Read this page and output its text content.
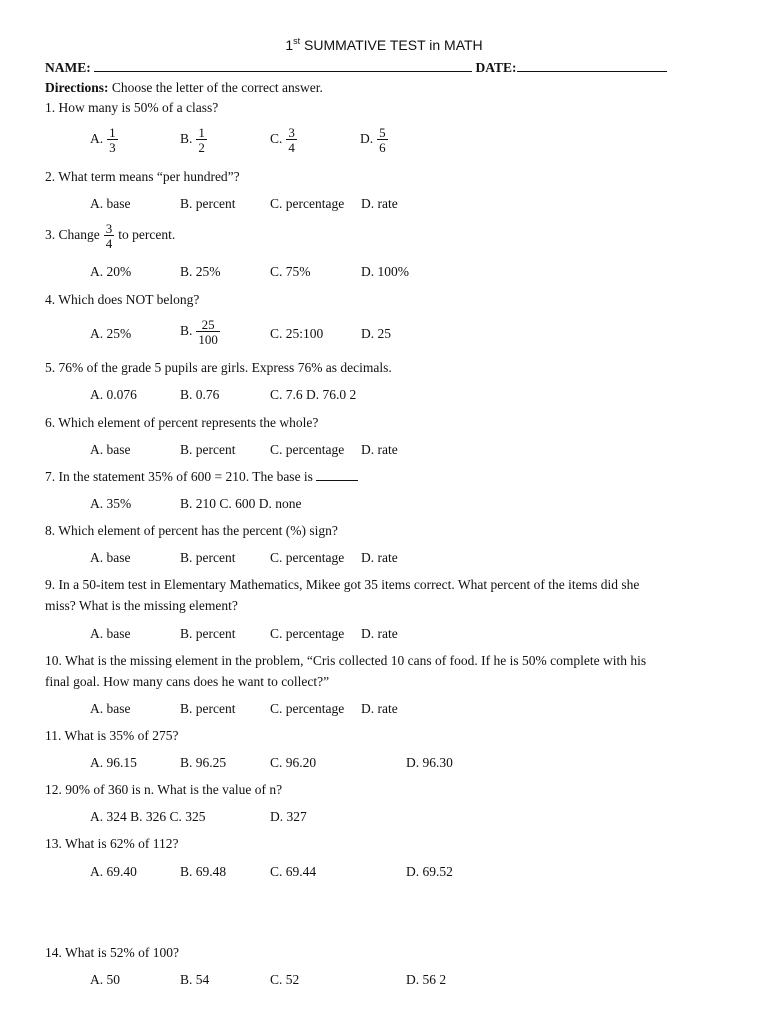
1st SUMMATIVE TEST in MATH
NAME:	DATE:
Directions: Choose the letter of the correct answer.
1. How many is 50% of a class?
A. $\frac{1}{3}$	B. $\frac{1}{2}$	C. $\frac{3}{4}$	D. $\frac{5}{6}$
2. What term means “per hundred”?
A. base	B. percent	C. percentage D. rate
3. Change $\frac{3}{4}$ to percent.
A. 20%	B. 25%	C. 75%	D. 100%
4. Which does NOT belong?
A. 25%	B. $\frac{25}{100}$	C. 25:100	D. 25
5. 76% of the grade 5 pupils are girls. Express 76% as decimals.
A. 0.076	B. 0.76	C. 7.6 D. 76.0 2
6. Which element of percent represents the whole?
A. base	B. percent	C. percentage D. rate
7. In the statement 35% of 600 = 210. The base is
A. 35%	B. 210 C. 600 D. none
8. Which element of percent has the percent (%) sign?
A. base	B. percent	C. percentage D. rate
9. In a 50-item test in Elementary Mathematics, Mikee got 35 items correct. What percent of the items did she
miss? What is the missing element?
A. base	B. percent	C. percentage D. rate
10. What is the missing element in the problem, “Cris collected 10 cans of food. If he is 50% complete with his
final goal. How many cans does he want to collect?”
A. base	B. percent	C. percentage D. rate
11. What is 35% of 275?
A. 96.15	B. 96.25	C. 96.20	D. 96.30
12. 90% of 360 is n. What is the value of n?
A. 324 B. 326 C. 325	D. 327
13. What is 62% of 112?
A. 69.40	B. 69.48	C. 69.44	D. 69.52
14. What is 52% of 100?
A. 50	B. 54	C. 52	D. 56 2
